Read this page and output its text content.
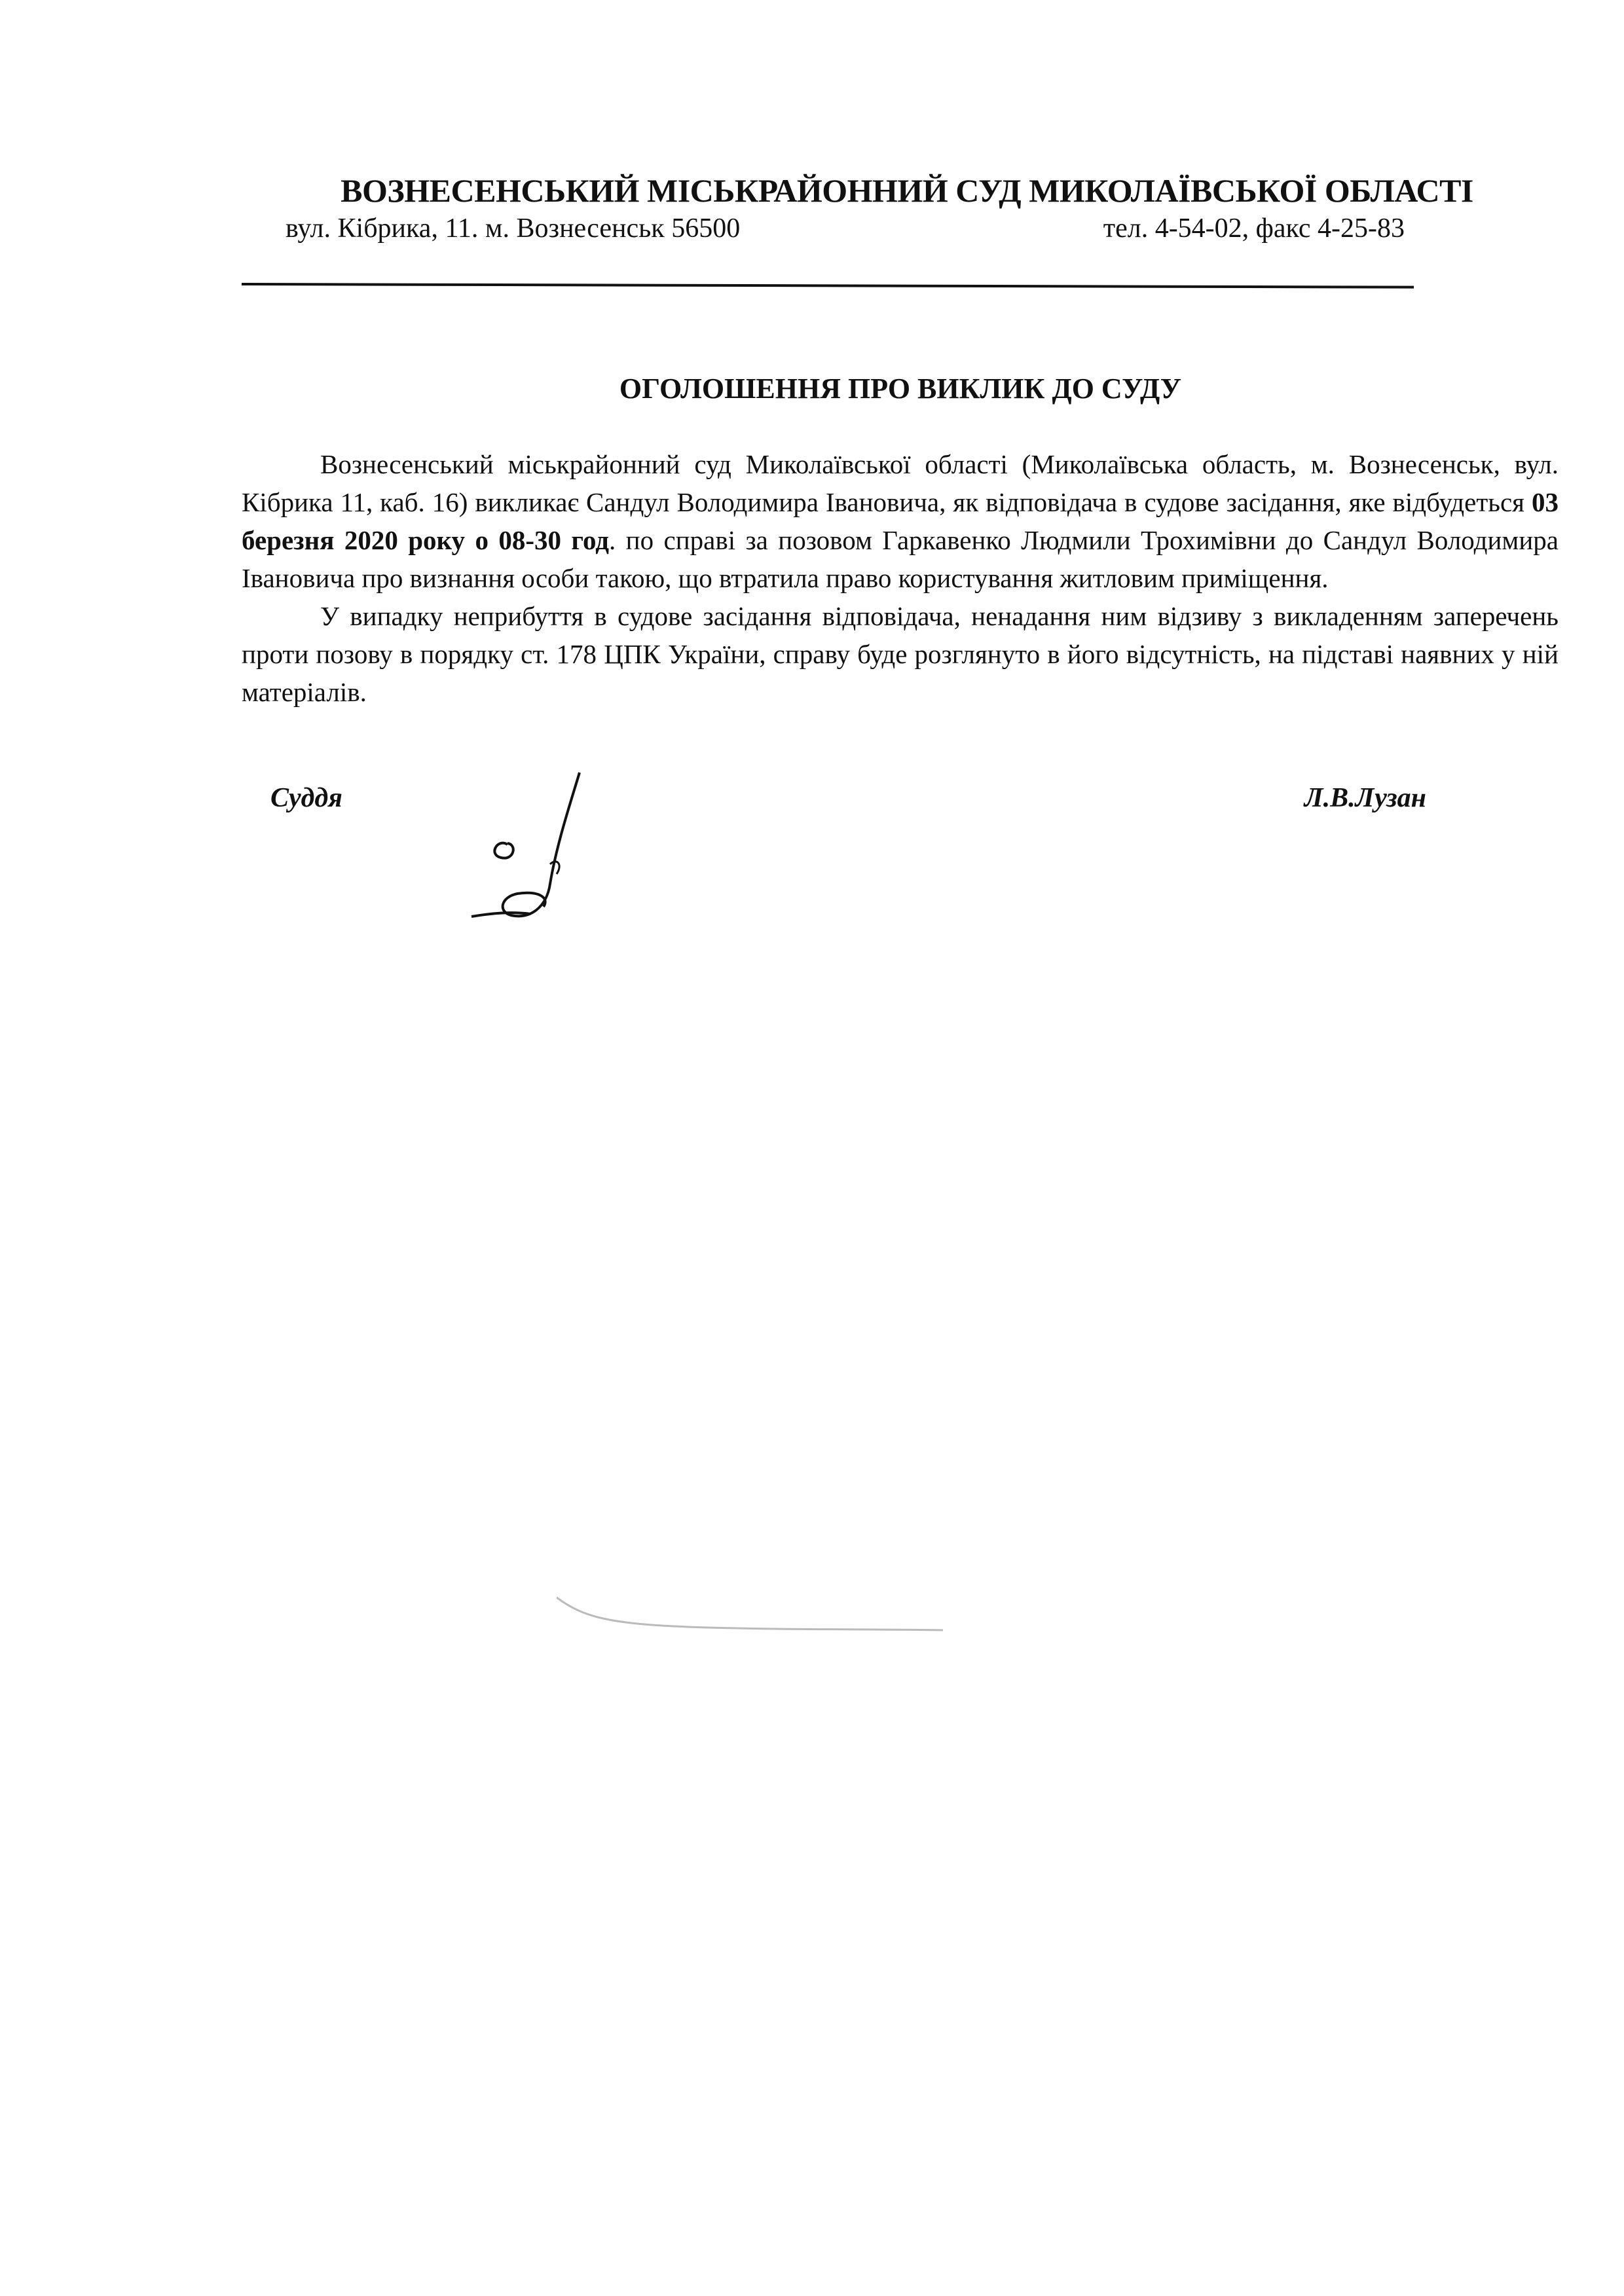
ВОЗНЕСЕНСЬКИЙ МІСЬКРАЙОННИЙ СУД МИКОЛАЇВСЬКОЇ ОБЛАСТІ
вул. Кібрика, 11. м. Вознесенськ 56500	тел. 4-54-02, факс 4-25-83
ОГОЛОШЕННЯ ПРО ВИКЛИК ДО СУДУ

Вознесенський міськрайонний суд Миколаївської області (Миколаївська область, м. Вознесенськ, вул. Кібрика 11, каб. 16) викликає Сандул Володимира Івановича, як відповідача в судове засідання, яке відбудеться 03 березня 2020 року о 08-30 год. по справі за позовом Гаркавенко Людмили Трохимівни до Сандул Володимира Івановича про визнання особи такою, що втратила право користування житловим приміщення.

У випадку неприбуття в судове засідання відповідача, ненадання ним відзиву з викладенням заперечень проти позову в порядку ст. 178 ЦПК України, справу буде розглянуто в його відсутність, на підставі наявних у ній матеріалів.

Суддя	Л.В.Лузан
